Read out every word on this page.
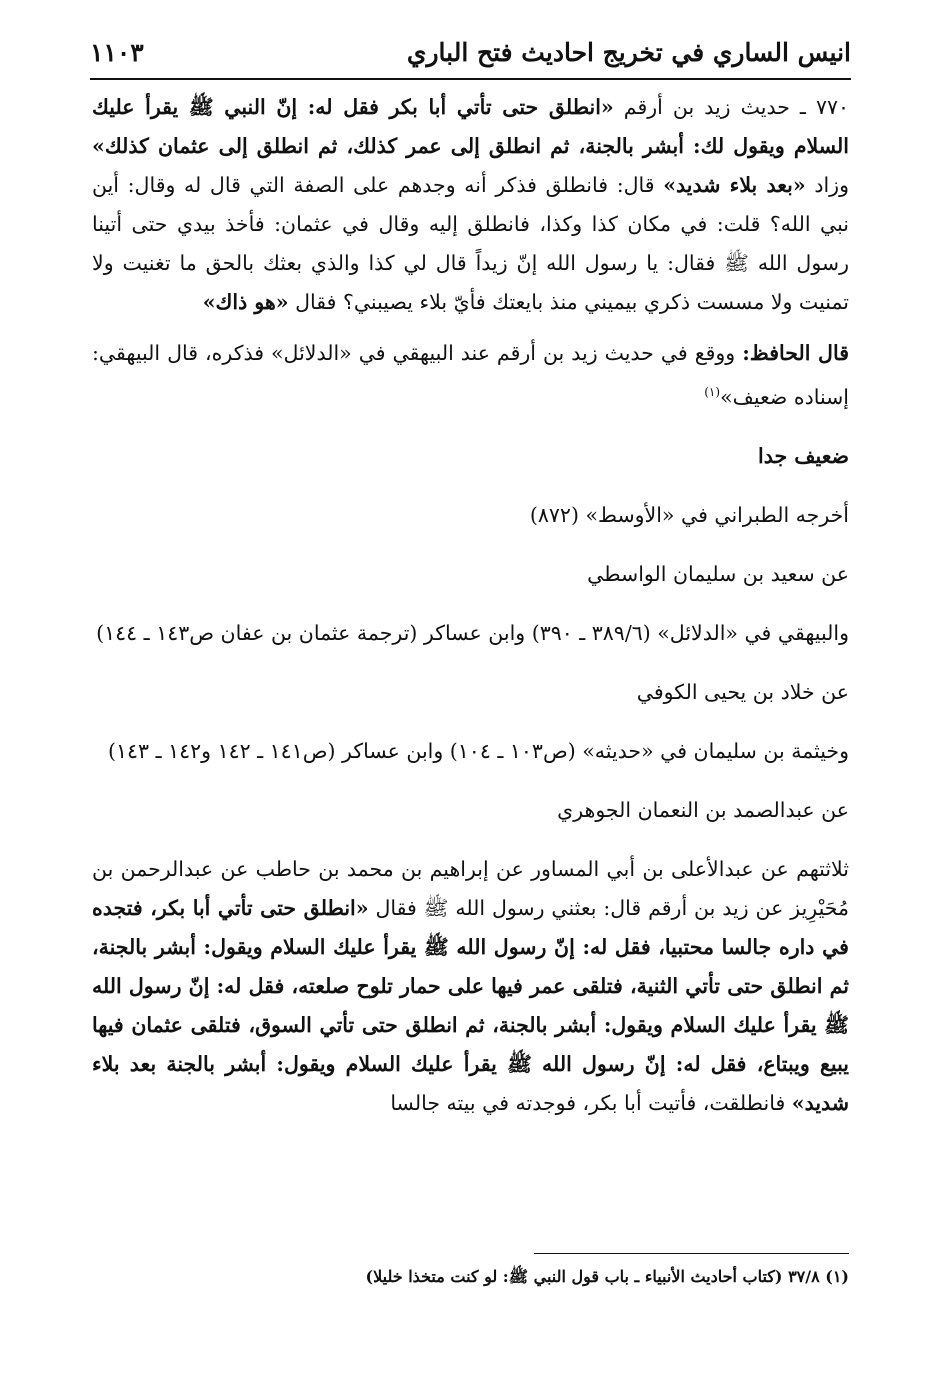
١١٠٣	انيس الساري في تخريج احاديث فتح الباري

٧٧٠ ـ حديث زيد بن أرقم «انطلق حتى تأتي أبا بكر فقل له: إنّ النبي ﷺ يقرأ عليك السلام ويقول لك: أبشر بالجنة، ثم انطلق إلى عمر كذلك، ثم انطلق إلى عثمان كذلك» وزاد «بعد بلاء شديد» قال: فانطلق فذكر أنه وجدهم على الصفة التي قال له وقال: أين نبي الله؟ قلت: في مكان كذا وكذا، فانطلق إليه وقال في عثمان: فأخذ بيدي حتى أتينا رسول الله ﷺ فقال: يا رسول الله إنّ زيداً قال لي كذا والذي بعثك بالحق ما تغنيت ولا تمنيت ولا مسست ذكري بيميني منذ بايعتك فأيّ بلاء يصيبني؟ فقال «هو ذاك»

قال الحافظ: ووقع في حديث زيد بن أرقم عند البيهقي في «الدلائل» فذكره، قال البيهقي: إسناده ضعيف»$^{(١)}$

ضعيف جدا

أخرجه الطبراني في «الأوسط» (٨٧٢)

عن سعيد بن سليمان الواسطي

والبيهقي في «الدلائل» (٣٨٩/٦ ـ ٣٩٠) وابن عساكر (ترجمة عثمان بن عفان ص١٤٣ ـ ١٤٤)

عن خلاد بن يحيى الكوفي

وخيثمة بن سليمان في «حديثه» (ص١٠٣ ـ ١٠٤) وابن عساكر (ص١٤١ ـ ١٤٢ و١٤٢ ـ ١٤٣)

عن عبدالصمد بن النعمان الجوهري

ثلاثتهم عن عبدالأعلى بن أبي المساور عن إبراهيم بن محمد بن حاطب عن عبدالرحمن بن مُحَيْرِيز عن زيد بن أرقم قال: بعثني رسول الله ﷺ فقال «انطلق حتى تأتي أبا بكر، فتجده في داره جالسا محتبيا، فقل له: إنّ رسول الله ﷺ يقرأ عليك السلام ويقول: أبشر بالجنة، ثم انطلق حتى تأتي الثنية، فتلقى عمر فيها على حمار تلوح صلعته، فقل له: إنّ رسول الله ﷺ يقرأ عليك السلام ويقول: أبشر بالجنة، ثم انطلق حتى تأتي السوق، فتلقى عثمان فيها يبيع ويبتاع، فقل له: إنّ رسول الله ﷺ يقرأ عليك السلام ويقول: أبشر بالجنة بعد بلاء شديد» فانطلقت، فأتيت أبا بكر، فوجدته في بيته جالسا

(١) ٣٧/٨ (كتاب أحاديث الأنبياء ـ باب قول النبي ﷺ: لو كنت متخذا خليلا)
